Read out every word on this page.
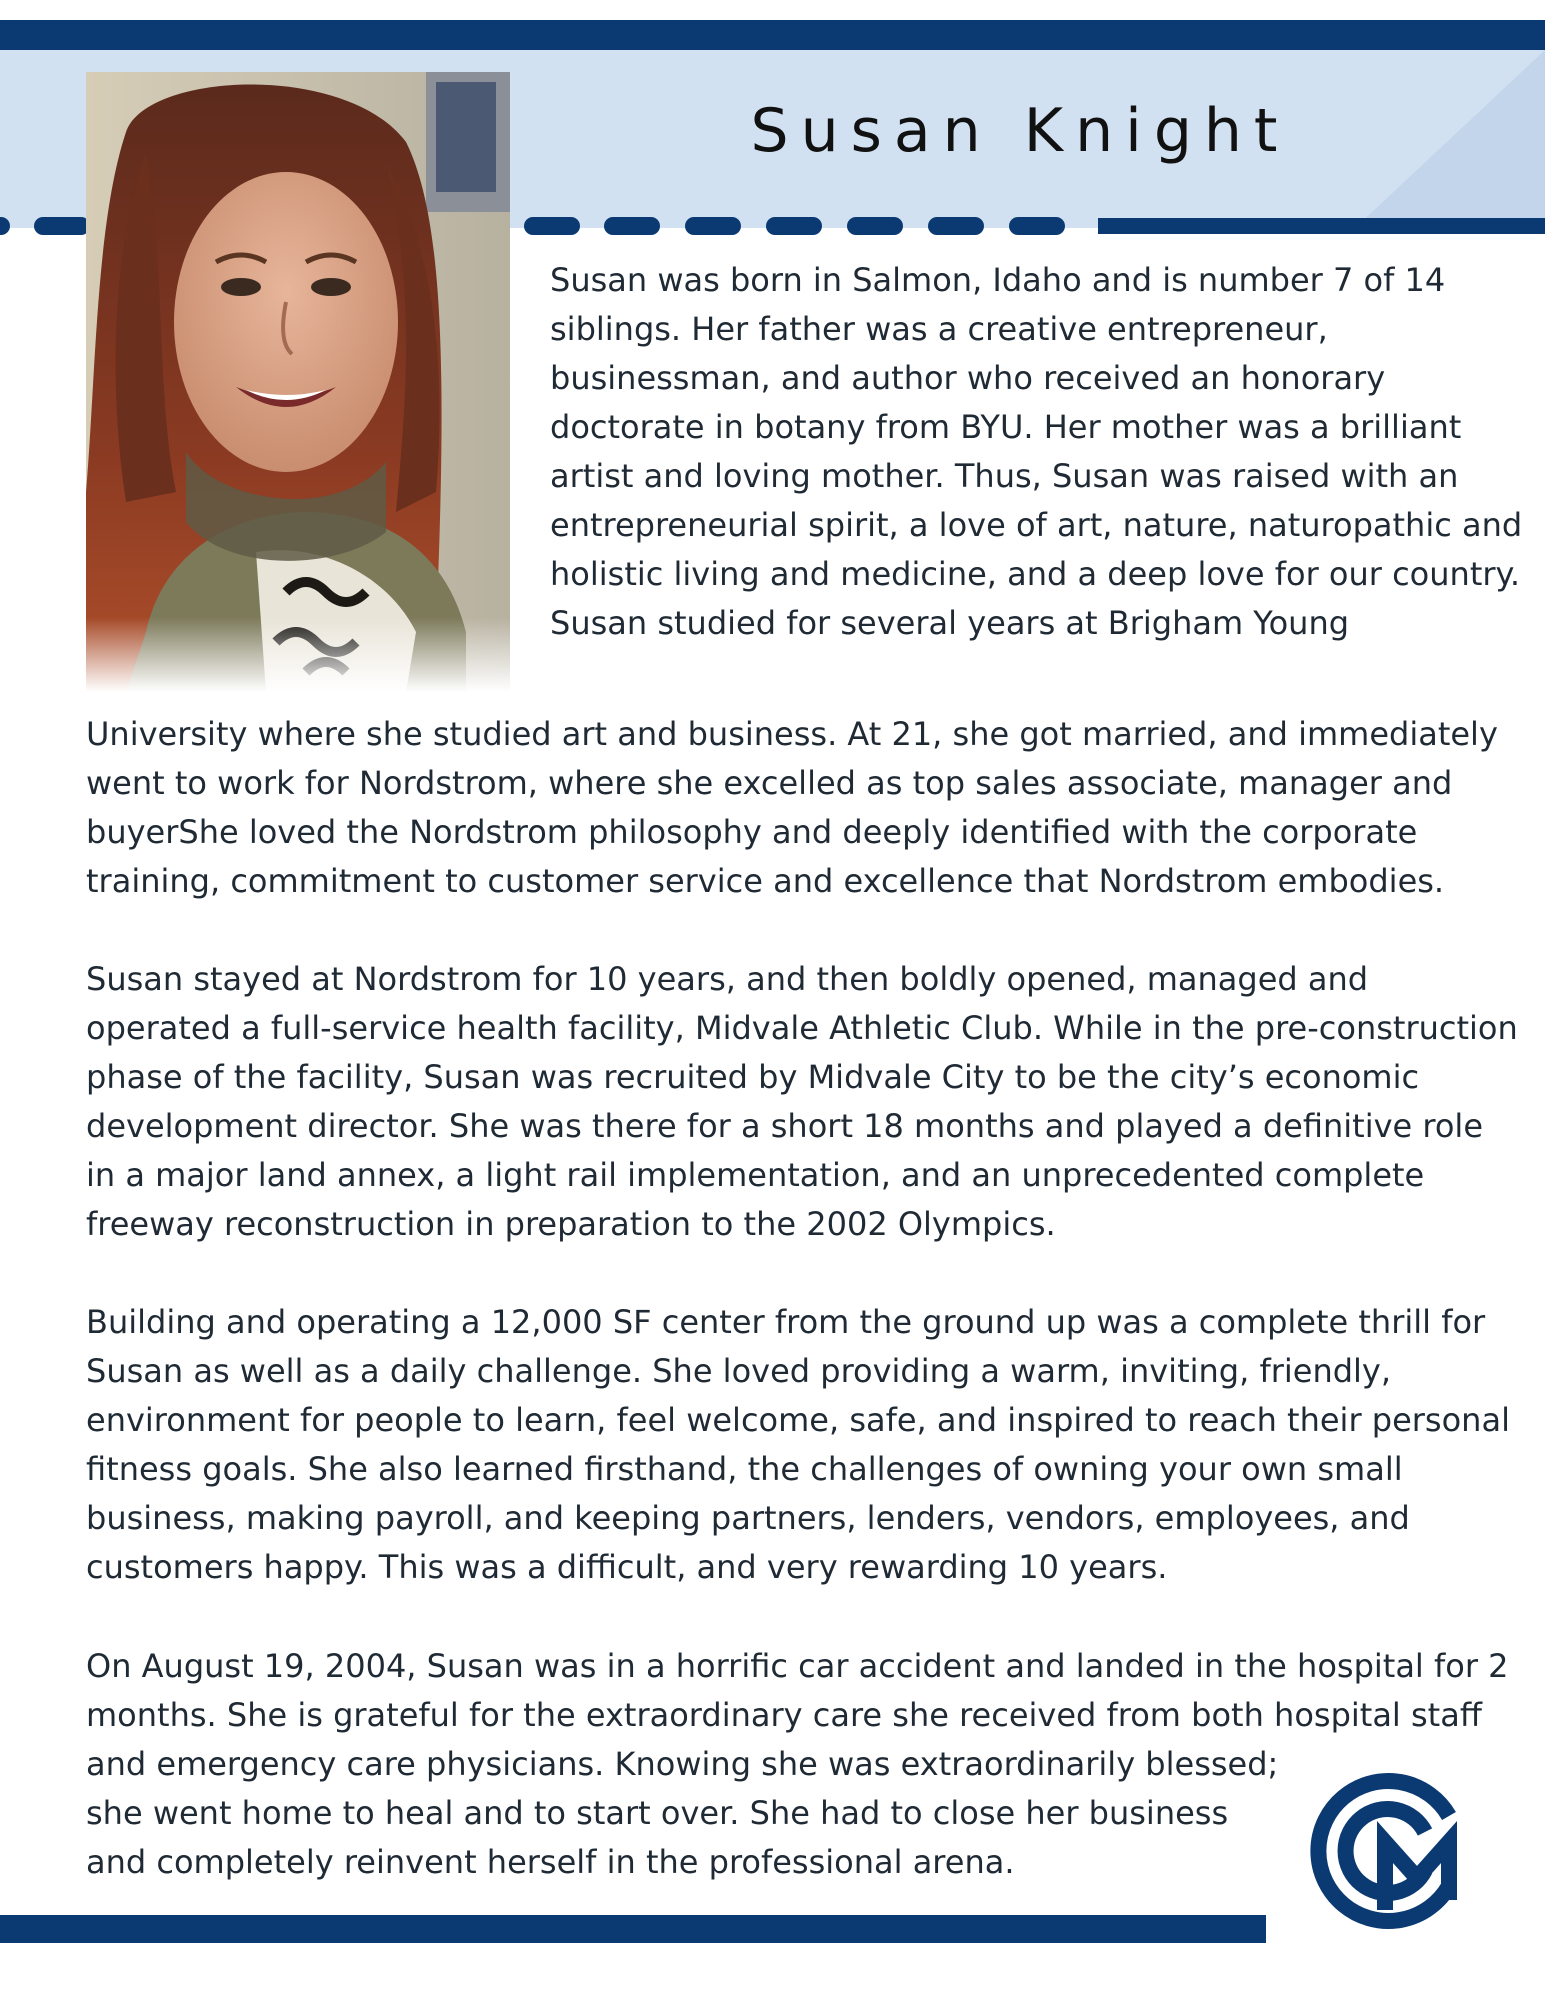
Susan Knight
Susan was born in Salmon, Idaho and is number 7 of 14
siblings. Her father was a creative entrepreneur,
businessman, and author who received an honorary
doctorate in botany from BYU. Her mother was a brilliant
artist and loving mother. Thus, Susan was raised with an
entrepreneurial spirit, a love of art, nature, naturopathic and
holistic living and medicine, and a deep love for our country.
Susan studied for several years at Brigham Young
University where she studied art and business. At 21, she got married, and immediately
went to work for Nordstrom, where she excelled as top sales associate, manager and
buyerShe loved the Nordstrom philosophy and deeply identified with the corporate
training, commitment to customer service and excellence that Nordstrom embodies.
Susan stayed at Nordstrom for 10 years, and then boldly opened, managed and
operated a full-service health facility, Midvale Athletic Club. While in the pre-construction
phase of the facility, Susan was recruited by Midvale City to be the city’s economic
development director. She was there for a short 18 months and played a definitive role
in a major land annex, a light rail implementation, and an unprecedented complete
freeway reconstruction in preparation to the 2002 Olympics.
Building and operating a 12,000 SF center from the ground up was a complete thrill for
Susan as well as a daily challenge. She loved providing a warm, inviting, friendly,
environment for people to learn, feel welcome, safe, and inspired to reach their personal
fitness goals. She also learned firsthand, the challenges of owning your own small
business, making payroll, and keeping partners, lenders, vendors, employees, and
customers happy. This was a difficult, and very rewarding 10 years.
On August 19, 2004, Susan was in a horrific car accident and landed in the hospital for 2
months. She is grateful for the extraordinary care she received from both hospital staff
and emergency care physicians. Knowing she was extraordinarily blessed;
she went home to heal and to start over. She had to close her business
and completely reinvent herself in the professional arena.
